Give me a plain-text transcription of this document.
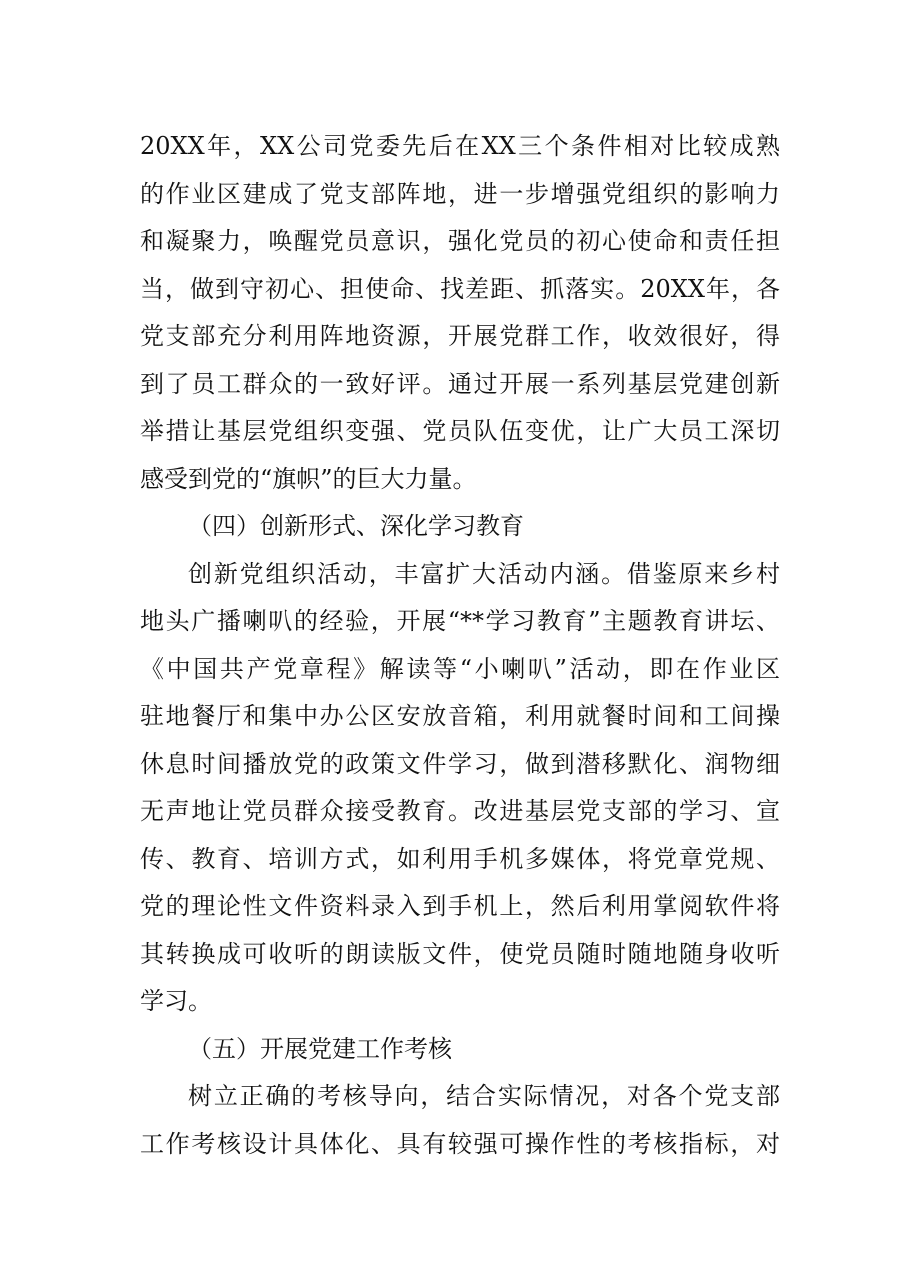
20XX年，XX公司党委先后在XX三个条件相对比较成熟
的作业区建成了党支部阵地，进一步增强党组织的影响力
和凝聚力，唤醒党员意识，强化党员的初心使命和责任担
当，做到守初心、担使命、找差距、抓落实。20XX年，各
党支部充分利用阵地资源，开展党群工作，收效很好，得
到了员工群众的一致好评。通过开展一系列基层党建创新
举措让基层党组织变强、党员队伍变优，让广大员工深切
感受到党的“旗帜”的巨大力量。
（四）创新形式、深化学习教育
创新党组织活动，丰富扩大活动内涵。借鉴原来乡村
地头广播喇叭的经验，开展“**学习教育”主题教育讲坛、
《中国共产党章程》解读等“小喇叭”活动，即在作业区
驻地餐厅和集中办公区安放音箱，利用就餐时间和工间操
休息时间播放党的政策文件学习，做到潜移默化、润物细
无声地让党员群众接受教育。改进基层党支部的学习、宣
传、教育、培训方式，如利用手机多媒体，将党章党规、
党的理论性文件资料录入到手机上，然后利用掌阅软件将
其转换成可收听的朗读版文件，使党员随时随地随身收听
学习。
（五）开展党建工作考核
树立正确的考核导向，结合实际情况，对各个党支部
工作考核设计具体化、具有较强可操作性的考核指标，对
